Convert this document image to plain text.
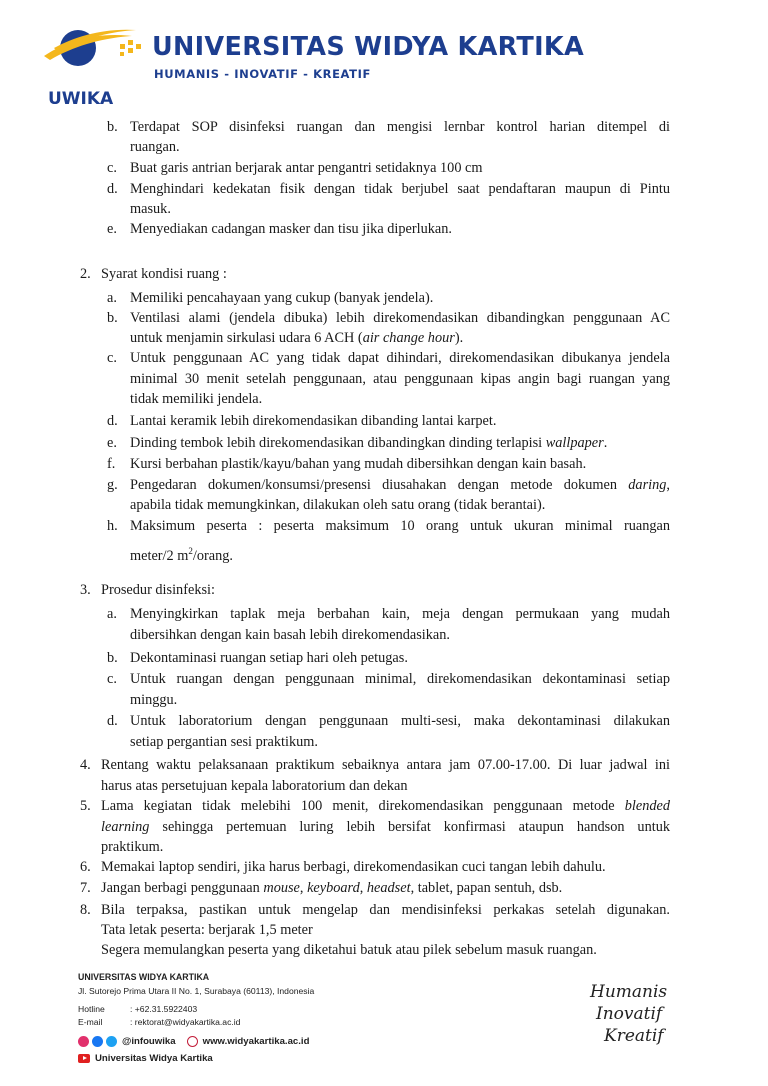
UWIKA
UNIVERSITAS WIDYA KARTIKA
HUMANIS - INOVATIF - KREATIF
b. Terdapat SOP disinfeksi ruangan dan mengisi lernbar kontrol harian ditempel di
ruangan.
c. Buat garis antrian berjarak antar pengantri setidaknya 100 cm
d. Menghindari kedekatan fisik dengan tidak berjubel saat pendaftaran maupun di Pintu
masuk.
e. Menyediakan cadangan masker dan tisu jika diperlukan.
2. Syarat kondisi ruang :
a. Memiliki pencahayaan yang cukup (banyak jendela).
b. Ventilasi alami (jendela dibuka) lebih direkomendasikan dibandingkan penggunaan AC
untuk menjamin sirkulasi udara 6 ACH (air change hour).
c. Untuk penggunaan AC yang tidak dapat dihindari, direkomendasikan dibukanya jendela
minimal 30 menit setelah penggunaan, atau penggunaan kipas angin bagi ruangan yang
tidak memiliki jendela.
d. Lantai keramik lebih direkomendasikan dibanding lantai karpet.
e. Dinding tembok lebih direkomendasikan dibandingkan dinding terlapisi wallpaper.
f. Kursi berbahan plastik/kayu/bahan yang mudah dibersihkan dengan kain basah.
g. Pengedaran dokumen/konsumsi/presensi diusahakan dengan metode dokumen daring,
apabila tidak memungkinkan, dilakukan oleh satu orang (tidak berantai).
h. Maksimum peserta : peserta maksimum 10 orang untuk ukuran minimal ruangan
meter/2 $m^2$/orang.
3. Prosedur disinfeksi:
a. Menyingkirkan taplak meja berbahan kain, meja dengan permukaan yang mudah
dibersihkan dengan kain basah lebih direkomendasikan.
b. Dekontaminasi ruangan setiap hari oleh petugas.
c. Untuk ruangan dengan penggunaan minimal, direkomendasikan dekontaminasi setiap
minggu.
d. Untuk laboratorium dengan penggunaan multi-sesi, maka dekontaminasi dilakukan
setiap pergantian sesi praktikum.
4. Rentang waktu pelaksanaan praktikum sebaiknya antara jam 07.00-17.00. Di luar jadwal ini
harus atas persetujuan kepala laboratorium dan dekan
5. Lama kegiatan tidak melebihi 100 menit, direkomendasikan penggunaan metode blended
learning sehingga pertemuan luring lebih bersifat konfirmasi ataupun handson untuk
praktikum.
6. Memakai laptop sendiri, jika harus berbagi, direkomendasikan cuci tangan lebih dahulu.
7. Jangan berbagi penggunaan mouse, keyboard, headset, tablet, papan sentuh, dsb.
8. Bila terpaksa, pastikan untuk mengelap dan mendisinfeksi perkakas setelah digunakan.
Tata letak peserta: berjarak 1,5 meter
Segera memulangkan peserta yang diketahui batuk atau pilek sebelum masuk ruangan.
UNIVERSITAS WIDYA KARTIKA
Jl. Sutorejo Prima Utara II No. 1, Surabaya (60113), Indonesia
Hotline	: +62.31.5922403
E-mail	: rektorat@widyakartika.ac.id
@infouwika	www.widyakartika.ac.id
Universitas Widya Kartika
Humanis
Inovatif
Kreatif
